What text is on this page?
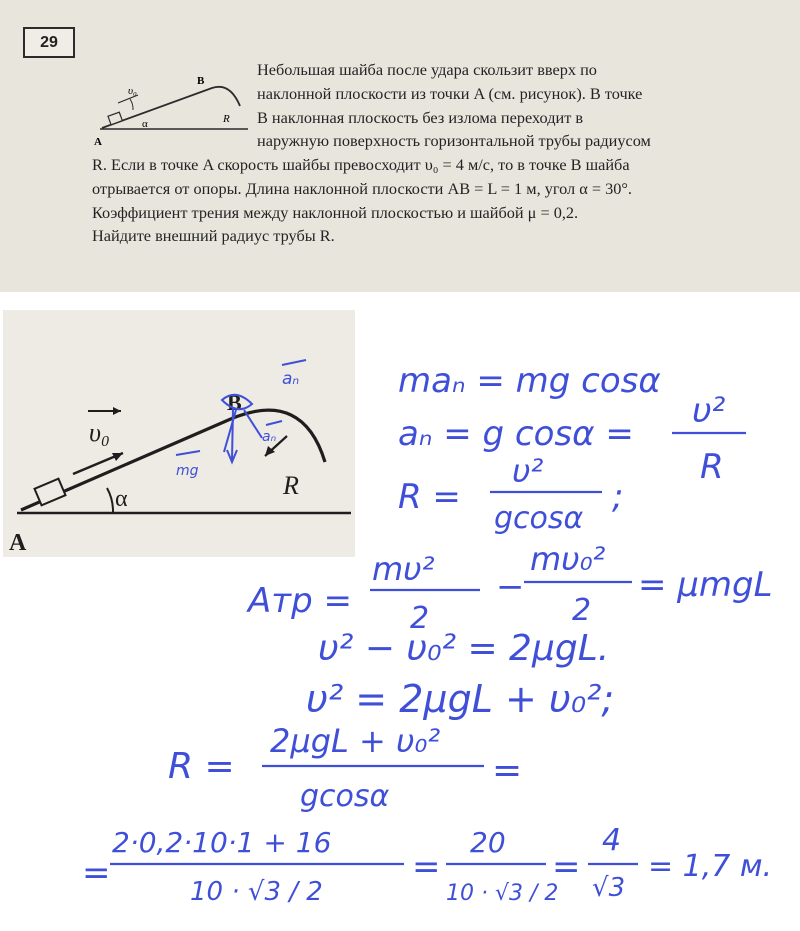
29
υ₀
A
B
α	R
Небольшая шайба после удара скользит вверх по
наклонной плоскости из точки A (см. рисунок). В точке
B наклонная плоскость без излома переходит в
наружную поверхность горизонтальной трубы радиусом
R. Если в точке A скорость шайбы превосходит υ₀ = 4 м/с, то в точке B шайба
отрывается от опоры. Длина наклонной плоскости AB = L = 1 м, угол α = 30°.
Коэффициент трения между наклонной плоскостью и шайбой μ = 0,2.
Найдите внешний радиус трубы R.
υ₀
α
A
B
R
aₙ
mg
aₙ
maₙ = mg cosα
aₙ = g cosα =
υ²
R
R =
υ²
gcosα
;
Aтр =
mυ²
2
−
mυ₀²
2
= μmgL
υ² − υ₀² = 2μgL.
υ² = 2μgL + υ₀²;
R =
2μgL + υ₀²
gcosα
=
=
2·0,2·10·1 + 16
10 · √3 / 2
=
20
10 · √3 / 2
=
4
√3
= 1,7 м.
